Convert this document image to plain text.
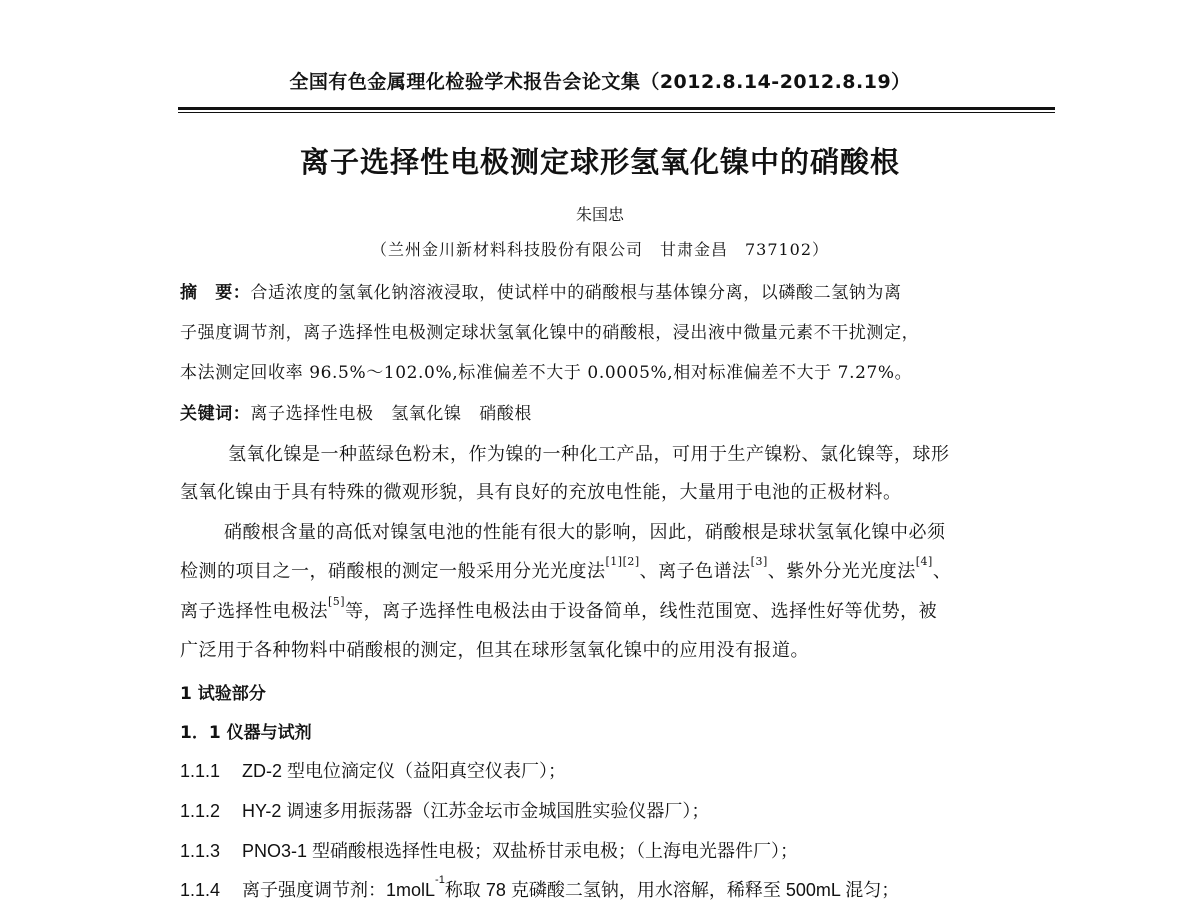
全国有色金属理化检验学术报告会论文集（2012.8.14-2012.8.19）
离子选择性电极测定球形氢氧化镍中的硝酸根
朱国忠
（兰州金川新材料科技股份有限公司　甘肃金昌　737102）
摘　要：合适浓度的氢氧化钠溶液浸取，使试样中的硝酸根与基体镍分离，以磷酸二氢钠为离
子强度调节剂，离子选择性电极测定球状氢氧化镍中的硝酸根，浸出液中微量元素不干扰测定，
本法测定回收率 96.5%～102.0%,标准偏差不大于 0.0005%,相对标准偏差不大于 7.27%。
关键词：离子选择性电极　氢氧化镍　硝酸根
氢氧化镍是一种蓝绿色粉末，作为镍的一种化工产品，可用于生产镍粉、氯化镍等，球形
氢氧化镍由于具有特殊的微观形貌，具有良好的充放电性能，大量用于电池的正极材料。
硝酸根含量的高低对镍氢电池的性能有很大的影响，因此，硝酸根是球状氢氧化镍中必须
检测的项目之一，硝酸根的测定一般采用分光光度法[1][2]、离子色谱法[3]、紫外分光光度法[4]、
离子选择性电极法[5]等，离子选择性电极法由于设备简单，线性范围宽、选择性好等优势，被
广泛用于各种物料中硝酸根的测定，但其在球形氢氧化镍中的应用没有报道。
1 试验部分
1．1 仪器与试剂
1.1.1 ZD-2 型电位滴定仪（益阳真空仪表厂）；
1.1.2 HY-2 调速多用振荡器（江苏金坛市金城国胜实验仪器厂）；
1.1.3 PNO3-1 型硝酸根选择性电极；双盐桥甘汞电极；（上海电光器件厂）；
1.1.4 离子强度调节剂：1molL$^{-1}$称取 78 克磷酸二氢钠，用水溶解，稀释至 500mL 混匀；
